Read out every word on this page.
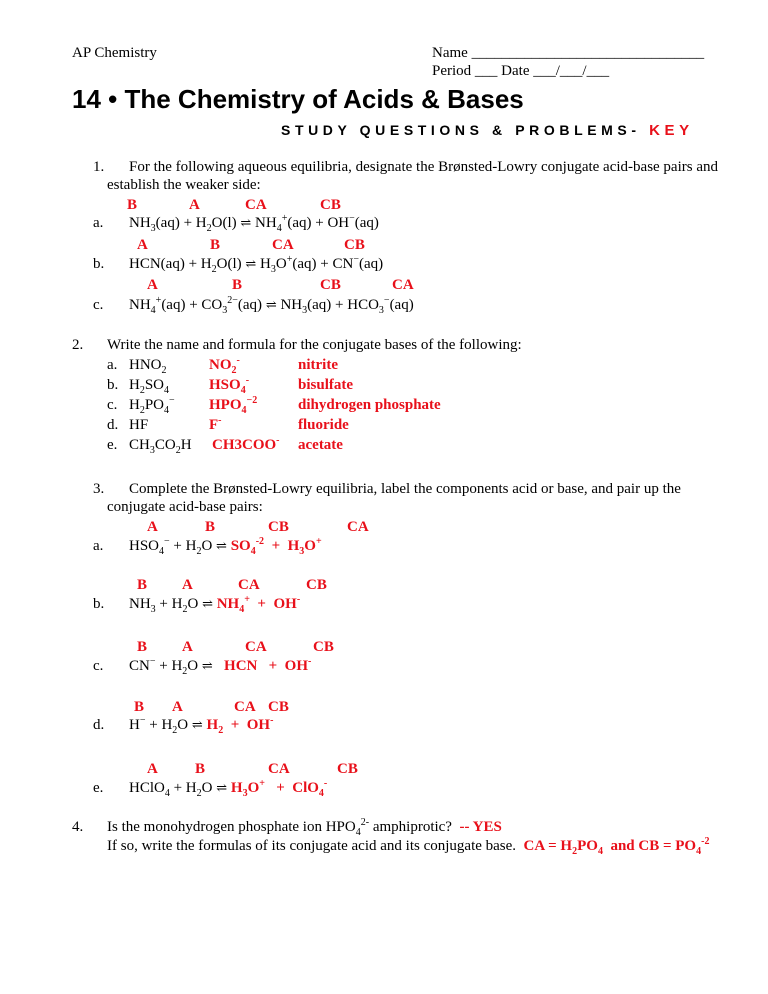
AP Chemistry	Name _______________________________
Period ___ Date ___/___/___
14 • The Chemistry of Acids & Bases
STUDY QUESTIONS & PROBLEMS- KEY
1. For the following aqueous equilibria, designate the Brønsted-Lowry conjugate acid-base pairs and
establish the weaker side:
B	A	CA	CB
a. $NH_3(aq) + H_2O(l)$ ⇌ $NH_4^+(aq) + OH^-(aq)$
A	B	CA	CB
b. $HCN(aq) + H_2O(l)$ ⇌ $H_3O^+(aq) + CN^-(aq)$
A	B	CB	CA
c. $NH_4^+(aq) + CO_3^{2-}(aq)$ ⇌ $NH_3(aq) + HCO_3^-(aq)$
2. Write the name and formula for the conjugate bases of the following:
a. $HNO_2$	$NO_2^-$	nitrite
b. $H_2SO_4$	$HSO_4^-$	bisulfate
c. $H_2PO_4^-$ $HPO_4^{-2}$	dihydrogen phosphate
d. HF	F-	fluoride
e. $CH_3CO_2H$ CH3COO- acetate
3. Complete the Brønsted-Lowry equilibria, label the components acid or base, and pair up the
conjugate acid-base pairs:
A	B	CB	CA
a. $HSO_4^- + H_2O$ ⇌ $SO_4^{-2} + H_3O^+$
B A	CA	CB
b. $NH_3 + H_2O$ ⇌ $NH_4^+ + OH^-$
B A	CA	CB
c. $CN^- + H_2O$ ⇌ HCN   +  OH-
B A	CA CB
d. $H^- + H_2O$ ⇌ $H_2 + OH^-$
A B	CA	CB
e. HClO$_4$ + $H_2O$ ⇌ $H_3O^+ + ClO_4^-$
4. Is the monohydrogen phosphate ion $HPO_4^{2-}$ amphiprotic?  -- YES
If so, write the formulas of its conjugate acid and its conjugate base. CA = $H_2PO_4$  and CB = $PO_4^{-2}$
